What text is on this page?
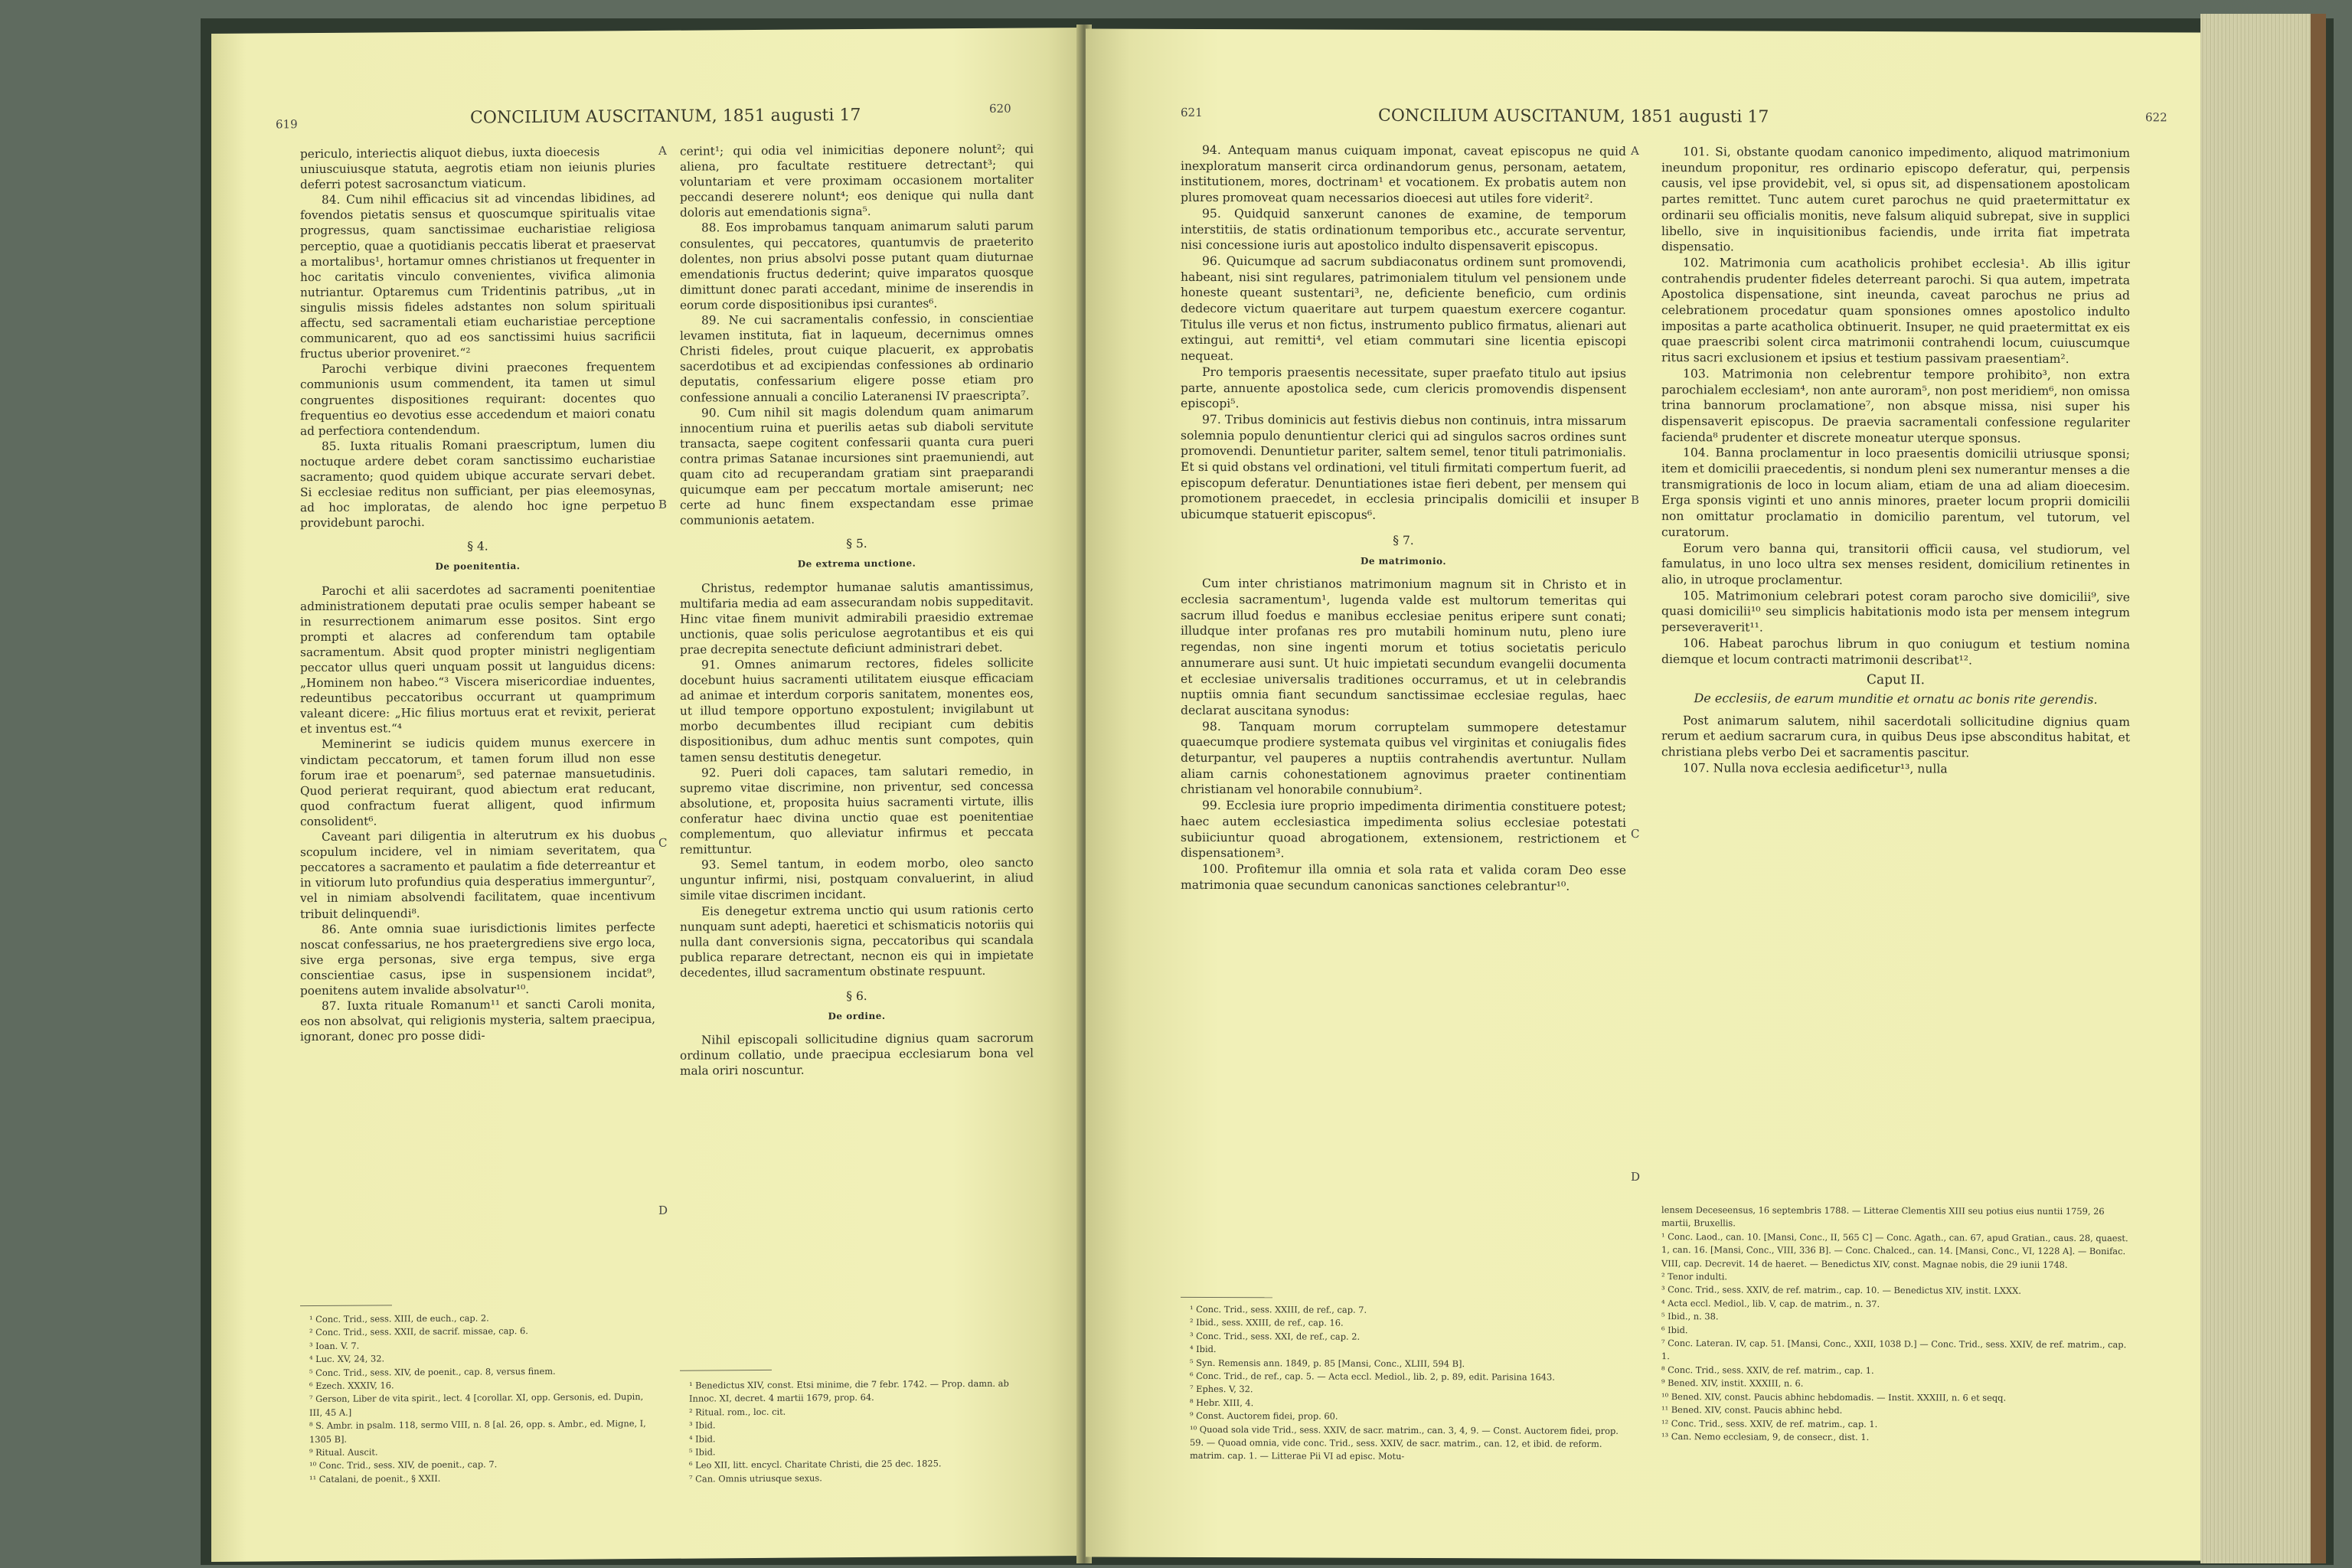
619	CONCILIUM AUSCITANUM, 1851 augusti 17	620

periculo, interiectis aliquot diebus, iuxta dioecesis

uniuscuiusque statuta, aegrotis etiam non ieiunis pluries deferri potest sacrosanctum viaticum.

84. Cum nihil efficacius sit ad vincendas libidines, ad fovendos pietatis sensus et quoscumque spiritualis vitae progressus, quam sanctissimae eucharistiae religiosa perceptio, quae a quotidianis peccatis liberat et praeservat a mortalibus¹, hortamur omnes christianos ut frequenter in hoc caritatis vinculo convenientes, vivifica alimonia nutriantur. Optaremus cum Tridentinis patribus, „ut in singulis missis fideles adstantes non solum spirituali affectu, sed sacramentali etiam eucharistiae perceptione communicarent, quo ad eos sanctissimi huius sacrificii fructus uberior proveniret.“²

Parochi verbique divini praecones frequentem communionis usum commendent, ita tamen ut simul congruentes dispositiones requirant: docentes quo frequentius eo devotius esse accedendum et maiori conatu ad perfectiora contendendum.

85. Iuxta ritualis Romani praescriptum, lumen diu noctuque ardere debet coram sanctissimo eucharistiae sacramento; quod quidem ubique accurate servari debet. Si ecclesiae reditus non sufficiant, per pias eleemosynas, ad hoc imploratas, de alendo hoc igne perpetuo providebunt parochi.

§ 4.
De poenitentia.

Parochi et alii sacerdotes ad sacramenti poenitentiae administrationem deputati prae oculis semper habeant se in resurrectionem animarum esse positos. Sint ergo prompti et alacres ad conferendum tam optabile sacramentum. Absit quod propter ministri negligentiam peccator ullus queri unquam possit ut languidus dicens: „Hominem non habeo.“³ Viscera misericordiae induentes, redeuntibus peccatoribus occurrant ut quamprimum valeant dicere: „Hic filius mortuus erat et revixit, perierat et inventus est.“⁴

Meminerint se iudicis quidem munus exercere in vindictam peccatorum, et tamen forum illud non esse forum irae et poenarum⁵, sed paternae mansuetudinis. Quod perierat requirant, quod abiectum erat reducant, quod confractum fuerat alligent, quod infirmum consolident⁶.

Caveant pari diligentia in alterutrum ex his duobus scopulum incidere, vel in nimiam severitatem, qua peccatores a sacramento et paulatim a fide deterreantur et in vitiorum luto profundius quia desperatius immerguntur⁷, vel in nimiam absolvendi facilitatem, quae incentivum tribuit delinquendi⁸.

86. Ante omnia suae iurisdictionis limites perfecte noscat confessarius, ne hos praetergrediens sive ergo loca, sive erga personas, sive erga tempus, sive erga conscientiae casus, ipse in suspensionem incidat⁹, poenitens autem invalide absolvatur¹⁰.

87. Iuxta rituale Romanum¹¹ et sancti Caroli monita, eos non absolvat, qui religionis mysteria, saltem praecipua, ignorant, donec pro posse didi-

cerint¹; qui odia vel inimicitias deponere nolunt²; qui aliena, pro facultate restituere detrectant³; qui voluntariam et vere proximam occasionem mortaliter peccandi deserere nolunt⁴; eos denique qui nulla dant doloris aut emendationis signa⁵.

88. Eos improbamus tanquam animarum saluti parum consulentes, qui peccatores, quantumvis de praeterito dolentes, non prius absolvi posse putant quam diuturnae emendationis fructus dederint; quive imparatos quosque dimittunt donec parati accedant, minime de inserendis in eorum corde dispositionibus ipsi curantes⁶.

89. Ne cui sacramentalis confessio, in conscientiae levamen instituta, fiat in laqueum, decernimus omnes Christi fideles, prout cuique placuerit, ex approbatis sacerdotibus et ad excipiendas confessiones ab ordinario deputatis, confessarium eligere posse etiam pro confessione annuali a concilio Lateranensi IV praescripta⁷.

90. Cum nihil sit magis dolendum quam animarum innocentium ruina et puerilis aetas sub diaboli servitute transacta, saepe cogitent confessarii quanta cura pueri contra primas Satanae incursiones sint praemuniendi, aut quam cito ad recuperandam gratiam sint praeparandi quicumque eam per peccatum mortale amiserunt; nec certe ad hunc finem exspectandam esse primae communionis aetatem.

§ 5.
De extrema unctione.

Christus, redemptor humanae salutis amantissimus, multifaria media ad eam assecurandam nobis suppeditavit. Hinc vitae finem munivit admirabili praesidio extremae unctionis, quae solis periculose aegrotantibus et eis qui prae decrepita senectute deficiunt administrari debet.

91. Omnes animarum rectores, fideles sollicite docebunt huius sacramenti utilitatem eiusque efficaciam ad animae et interdum corporis sanitatem, monentes eos, ut illud tempore opportuno expostulent; invigilabunt ut morbo decumbentes illud recipiant cum debitis dispositionibus, dum adhuc mentis sunt compotes, quin tamen sensu destitutis denegetur.

92. Pueri doli capaces, tam salutari remedio, in supremo vitae discrimine, non priventur, sed concessa absolutione, et, proposita huius sacramenti virtute, illis conferatur haec divina unctio quae est poenitentiae complementum, quo alleviatur infirmus et peccata remittuntur.

93. Semel tantum, in eodem morbo, oleo sancto unguntur infirmi, nisi, postquam convaluerint, in aliud simile vitae discrimen incidant.

Eis denegetur extrema unctio qui usum rationis certo nunquam sunt adepti, haeretici et schismaticis notoriis qui nulla dant conversionis signa, peccatoribus qui scandala publica reparare detrectant, necnon eis qui in impietate decedentes, illud sacramentum obstinate respuunt.

§ 6.
De ordine.

Nihil episcopali sollicitudine dignius quam sacrorum ordinum collatio, unde praecipua ecclesiarum bona vel mala oriri noscuntur.

A
B
C
D
¹ Conc. Trid., sess. XIII, de euch., cap. 2.
² Conc. Trid., sess. XXII, de sacrif. missae, cap. 6.
³ Ioan. V. 7.
⁴ Luc. XV, 24, 32.
⁵ Conc. Trid., sess. XIV, de poenit., cap. 8, versus finem.
⁶ Ezech. XXXIV, 16.
⁷ Gerson, Liber de vita spirit., lect. 4 [corollar. XI, opp. Gersonis, ed. Dupin, III, 45 A.]
⁸ S. Ambr. in psalm. 118, sermo VIII, n. 8 [al. 26, opp. s. Ambr., ed. Migne, I, 1305 B].
⁹ Ritual. Auscit.
¹⁰ Conc. Trid., sess. XIV, de poenit., cap. 7.
¹¹ Catalani, de poenit., § XXII.
¹ Benedictus XIV, const. Etsi minime, die 7 febr. 1742. — Prop. damn. ab Innoc. XI, decret. 4 martii 1679, prop. 64.
² Ritual. rom., loc. cit.
³ Ibid.
⁴ Ibid.
⁵ Ibid.
⁶ Leo XII, litt. encycl. Charitate Christi, die 25 dec. 1825.
⁷ Can. Omnis utriusque sexus.
621	CONCILIUM AUSCITANUM, 1851 augusti 17	622

94. Antequam manus cuiquam imponat, caveat episcopus ne quid inexploratum manserit circa ordinandorum genus, personam, aetatem, institutionem, mores, doctrinam¹ et vocationem. Ex probatis autem non plures promoveat quam necessarios dioecesi aut utiles fore viderit².

95. Quidquid sanxerunt canones de examine, de temporum interstitiis, de statis ordinationum temporibus etc., accurate serventur, nisi concessione iuris aut apostolico indulto dispensaverit episcopus.

96. Quicumque ad sacrum subdiaconatus ordinem sunt promovendi, habeant, nisi sint regulares, patrimonialem titulum vel pensionem unde honeste queant sustentari³, ne, deficiente beneficio, cum ordinis dedecore victum quaeritare aut turpem quaestum exercere cogantur. Titulus ille verus et non fictus, instrumento publico firmatus, alienari aut extingui, aut remitti⁴, vel etiam commutari sine licentia episcopi nequeat.

Pro temporis praesentis necessitate, super praefato titulo aut ipsius parte, annuente apostolica sede, cum clericis promovendis dispensent episcopi⁵.

97. Tribus dominicis aut festivis diebus non continuis, intra missarum solemnia populo denuntientur clerici qui ad singulos sacros ordines sunt promovendi. Denuntietur pariter, saltem semel, tenor tituli patrimonialis. Et si quid obstans vel ordinationi, vel tituli firmitati compertum fuerit, ad episcopum deferatur. Denuntiationes istae fieri debent, per mensem qui promotionem praecedet, in ecclesia principalis domicilii et insuper ubicumque statuerit episcopus⁶.

§ 7.
De matrimonio.

Cum inter christianos matrimonium magnum sit in Christo et in ecclesia sacramentum¹, lugenda valde est multorum temeritas qui sacrum illud foedus e manibus ecclesiae penitus eripere sunt conati; illudque inter profanas res pro mutabili hominum nutu, pleno iure regendas, non sine ingenti morum et totius societatis periculo annumerare ausi sunt. Ut huic impietati secundum evangelii documenta et ecclesiae universalis traditiones occurramus, et ut in celebrandis nuptiis omnia fiant secundum sanctissimae ecclesiae regulas, haec declarat auscitana synodus:

98. Tanquam morum corruptelam summopere detestamur quaecumque prodiere systemata quibus vel virginitas et coniugalis fides deturpantur, vel pauperes a nuptiis contrahendis avertuntur. Nullam aliam carnis cohonestationem agnovimus praeter continentiam christianam vel honorabile connubium².

99. Ecclesia iure proprio impedimenta dirimentia constituere potest; haec autem ecclesiastica impedimenta solius ecclesiae potestati subiiciuntur quoad abrogationem, extensionem, restrictionem et dispensationem³.

100. Profitemur illa omnia et sola rata et valida coram Deo esse matrimonia quae secundum canonicas sanctiones celebrantur¹⁰.

101. Si, obstante quodam canonico impedimento, aliquod matrimonium ineundum proponitur, res ordinario episcopo deferatur, qui, perpensis causis, vel ipse providebit, vel, si opus sit, ad dispensationem apostolicam partes remittet. Tunc autem curet parochus ne quid praetermittatur ex ordinarii seu officialis monitis, neve falsum aliquid subrepat, sive in supplici libello, sive in inquisitionibus faciendis, unde irrita fiat impetrata dispensatio.

102. Matrimonia cum acatholicis prohibet ecclesia¹. Ab illis igitur contrahendis prudenter fideles deterreant parochi. Si qua autem, impetrata Apostolica dispensatione, sint ineunda, caveat parochus ne prius ad celebrationem procedatur quam sponsiones omnes apostolico indulto impositas a parte acatholica obtinuerit. Insuper, ne quid praetermittat ex eis quae praescribi solent circa matrimonii contrahendi locum, cuiuscumque ritus sacri exclusionem et ipsius et testium passivam praesentiam².

103. Matrimonia non celebrentur tempore prohibito³, non extra parochialem ecclesiam⁴, non ante auroram⁵, non post meridiem⁶, non omissa trina bannorum proclamatione⁷, non absque missa, nisi super his dispensaverit episcopus. De praevia sacramentali confessione regulariter facienda⁸ prudenter et discrete moneatur uterque sponsus.

104. Banna proclamentur in loco praesentis domicilii utriusque sponsi; item et domicilii praecedentis, si nondum pleni sex numerantur menses a die transmigrationis de loco in locum aliam, etiam de una ad aliam dioecesim. Erga sponsis viginti et uno annis minores, praeter locum proprii domicilii non omittatur proclamatio in domicilio parentum, vel tutorum, vel curatorum.

Eorum vero banna qui, transitorii officii causa, vel studiorum, vel famulatus, in uno loco ultra sex menses resident, domicilium retinentes in alio, in utroque proclamentur.

105. Matrimonium celebrari potest coram parocho sive domicilii⁹, sive quasi domicilii¹⁰ seu simplicis habitationis modo ista per mensem integrum perseveraverit¹¹.

106. Habeat parochus librum in quo coniugum et testium nomina diemque et locum contracti matrimonii describat¹².

Caput II.
De ecclesiis, de earum munditie et ornatu ac bonis rite gerendis.

Post animarum salutem, nihil sacerdotali sollicitudine dignius quam rerum et aedium sacrarum cura, in quibus Deus ipse absconditus habitat, et christiana plebs verbo Dei et sacramentis pascitur.

107. Nulla nova ecclesia aedificetur¹³, nulla

A
B
C
D
¹ Conc. Trid., sess. XXIII, de ref., cap. 7.
² Ibid., sess. XXIII, de ref., cap. 16.
³ Conc. Trid., sess. XXI, de ref., cap. 2.
⁴ Ibid.
⁵ Syn. Remensis ann. 1849, p. 85 [Mansi, Conc., XLIII, 594 B].
⁶ Conc. Trid., de ref., cap. 5. — Acta eccl. Mediol., lib. 2, p. 89, edit. Parisina 1643.
⁷ Ephes. V, 32.
⁸ Hebr. XIII, 4.
⁹ Const. Auctorem fidei, prop. 60.
¹⁰ Quoad sola vide Trid., sess. XXIV, de sacr. matrim., can. 3, 4, 9. — Const. Auctorem fidei, prop. 59. — Quoad omnia, vide conc. Trid., sess. XXIV, de sacr. matrim., can. 12, et ibid. de reform. matrim. cap. 1. — Litterae Pii VI ad episc. Motu-
lensem Deceseensus, 16 septembris 1788. — Litterae Clementis XIII seu potius eius nuntii 1759, 26 martii, Bruxellis.
¹ Conc. Laod., can. 10. [Mansi, Conc., II, 565 C] — Conc. Agath., can. 67, apud Gratian., caus. 28, quaest. 1, can. 16. [Mansi, Conc., VIII, 336 B]. — Conc. Chalced., can. 14. [Mansi, Conc., VI, 1228 A]. — Bonifac. VIII, cap. Decrevit. 14 de haeret. — Benedictus XIV, const. Magnae nobis, die 29 iunii 1748.
² Tenor indulti.
³ Conc. Trid., sess. XXIV, de ref. matrim., cap. 10. — Benedictus XIV, instit. LXXX.
⁴ Acta eccl. Mediol., lib. V, cap. de matrim., n. 37.
⁵ Ibid., n. 38.
⁶ Ibid.
⁷ Conc. Lateran. IV, cap. 51. [Mansi, Conc., XXII, 1038 D.] — Conc. Trid., sess. XXIV, de ref. matrim., cap. 1.
⁸ Conc. Trid., sess. XXIV, de ref. matrim., cap. 1.
⁹ Bened. XIV, instit. XXXIII, n. 6.
¹⁰ Bened. XIV, const. Paucis abhinc hebdomadis. — Instit. XXXIII, n. 6 et seqq.
¹¹ Bened. XIV, const. Paucis abhinc hebd.
¹² Conc. Trid., sess. XXIV, de ref. matrim., cap. 1.
¹³ Can. Nemo ecclesiam, 9, de consecr., dist. 1.
